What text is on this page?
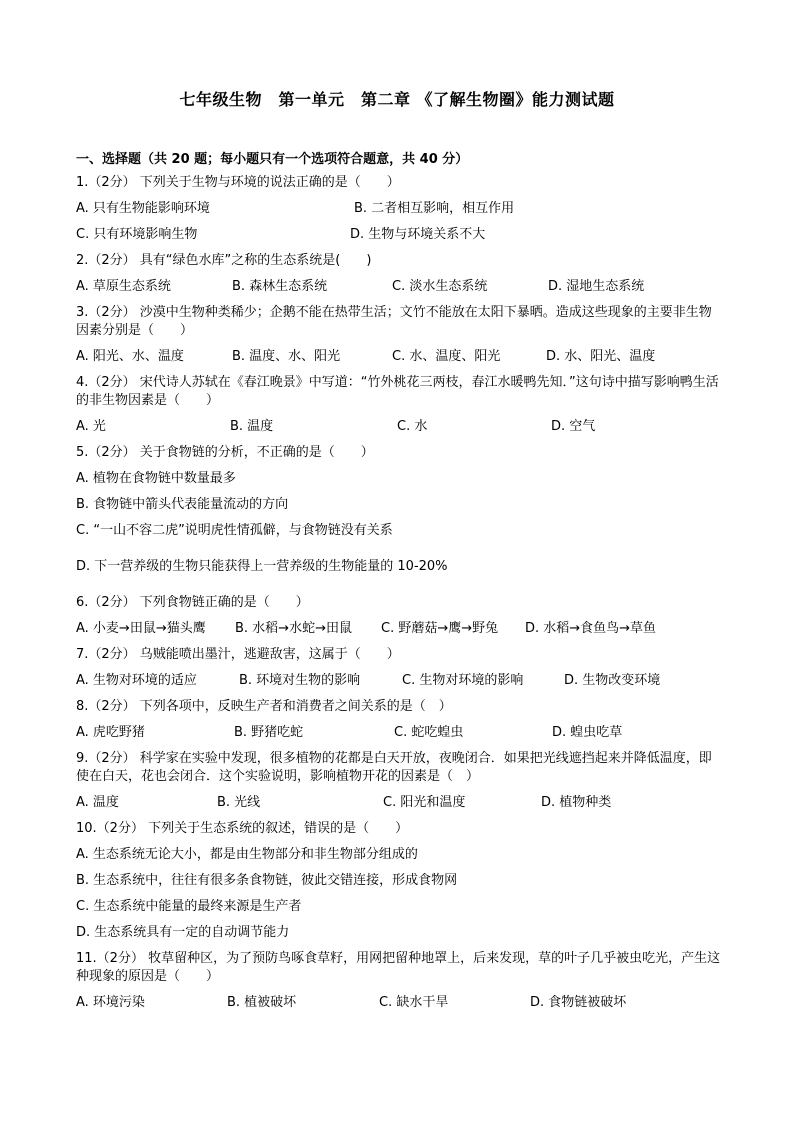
七年级生物　第一单元　第二章 《了解生物圈》能力测试题
一、选择题（共 20 题；每小题只有一个选项符合题意，共 40 分）
1.（2分） 下列关于生物与环境的说法正确的是（　　）
A. 只有生物能影响环境	B. 二者相互影响，相互作用
C. 只有环境影响生物	D. 生物与环境关系不大
2.（2分） 具有“绿色水库”之称的生态系统是(　　)
A. 草原生态系统	B. 森林生态系统	C. 淡水生态系统	D. 湿地生态系统
3.（2分） 沙漠中生物种类稀少；企鹅不能在热带生活；文竹不能放在太阳下暴晒。造成这些现象的主要非生物因素分别是（　　）
A. 阳光、水、温度	B. 温度、水、阳光	C. 水、温度、阳光	D. 水、阳光、温度
4.（2分） 宋代诗人苏轼在《春江晚景》中写道：“竹外桃花三两枝，春江水暖鸭先知．”这句诗中描写影响鸭生活的非生物因素是（　　）
A. 光	B. 温度	C. 水	D. 空气
5.（2分） 关于食物链的分析，不正确的是（　　）
A. 植物在食物链中数量最多
B. 食物链中箭头代表能量流动的方向
C. “一山不容二虎”说明虎性情孤僻，与食物链没有关系
D. 下一营养级的生物只能获得上一营养级的生物能量的 10-20%
6.（2分） 下列食物链正确的是（　　）
A. 小麦→田鼠→猫头鹰 B. 水稻→水蛇→田鼠 C. 野蘑菇→鹰→野兔 D. 水稻→食鱼鸟→草鱼
7.（2分） 乌贼能喷出墨汁，逃避敌害，这属于（　　）
A. 生物对环境的适应	B. 环境对生物的影响	C. 生物对环境的影响	D. 生物改变环境
8.（2分） 下列各项中，反映生产者和消费者之间关系的是（　）
A. 虎吃野猪	B. 野猪吃蛇	C. 蛇吃蝗虫	D. 蝗虫吃草
9.（2分） 科学家在实验中发现，很多植物的花都是白天开放，夜晚闭合．如果把光线遮挡起来并降低温度，即使在白天，花也会闭合．这个实验说明，影响植物开花的因素是（　）
A. 温度	B. 光线	C. 阳光和温度	D. 植物种类
10.（2分） 下列关于生态系统的叙述，错误的是（　　）
A. 生态系统无论大小，都是由生物部分和非生物部分组成的
B. 生态系统中，往往有很多条食物链，彼此交错连接，形成食物网
C. 生态系统中能量的最终来源是生产者
D. 生态系统具有一定的自动调节能力
11.（2分） 牧草留种区，为了预防鸟啄食草籽，用网把留种地罩上，后来发现，草的叶子几乎被虫吃光，产生这种现象的原因是（　　）
A. 环境污染	B. 植被破坏	C. 缺水干旱	D. 食物链被破坏
